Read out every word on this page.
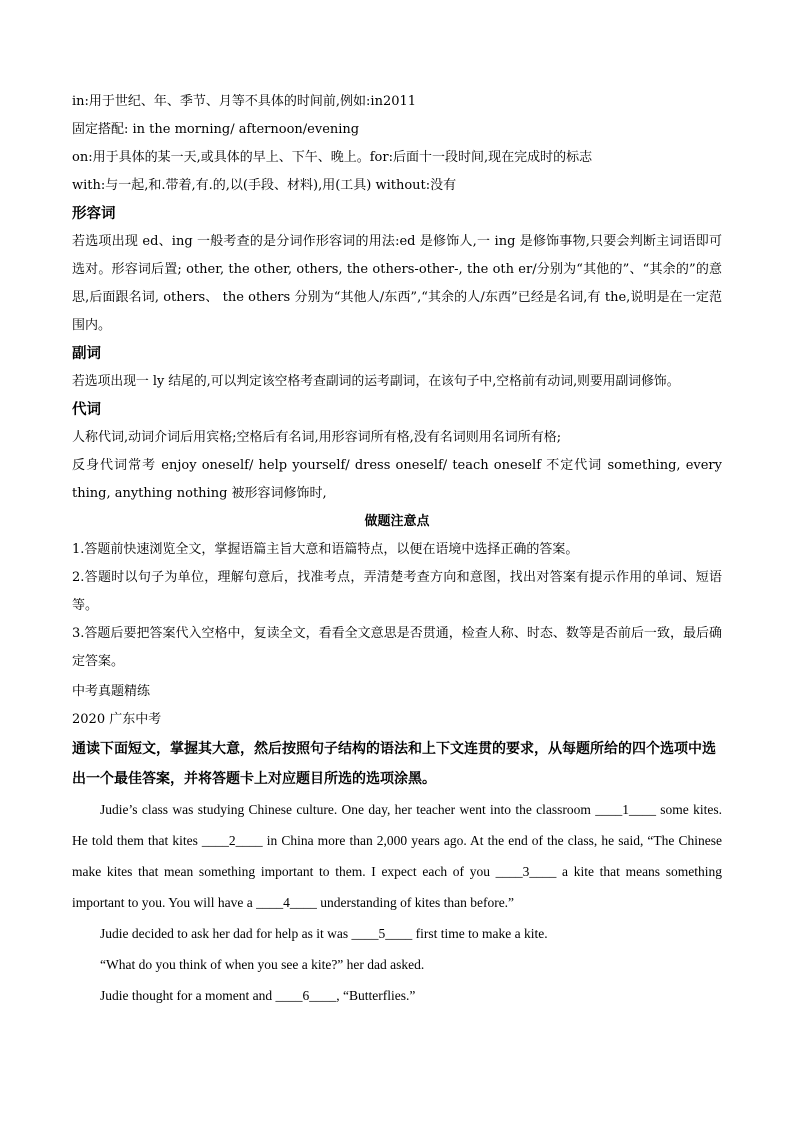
in:用于世纪、年、季节、月等不具体的时间前,例如:in2011

固定搭配: in the morning/ afternoon/evening

on:用于具体的某一天,或具体的早上、下午、晚上。for:后面十一段时间,现在完成时的标志

with:与一起,和.带着,有.的,以(手段、材料),用(工具) without:没有

形容词

若选项出现 ed、ing 一般考查的是分词作形容词的用法:ed 是修饰人,一 ing 是修饰事物,只要会判断主词语即可选对。形容词后置; other, the other, others, the others-other-, the oth er/分别为“其他的”、“其余的”的意思,后面跟名词, others、 the others 分别为“其他人/东西”,“其余的人/东西”已经是名词,有 the,说明是在一定范围内。

副词

若选项出现一 ly 结尾的,可以判定该空格考查副词的运考副词，在该句子中,空格前有动词,则要用副词修饰。

代词

人称代词,动词介词后用宾格;空格后有名词,用形容词所有格,没有名词则用名词所有格;

反身代词常考 enjoy oneself/ help yourself/ dress oneself/ teach oneself 不定代词 something, every thing, anything nothing 被形容词修饰时,

做题注意点

1.答题前快速浏览全文，掌握语篇主旨大意和语篇特点，以便在语境中选择正确的答案。

2.答题时以句子为单位，理解句意后，找准考点，弄清楚考查方向和意图，找出对答案有提示作用的单词、短语等。

3.答题后要把答案代入空格中，复读全文，看看全文意思是否贯通，检查人称、时态、数等是否前后一致，最后确定答案。

中考真题精练

2020 广东中考

通读下面短文，掌握其大意，然后按照句子结构的语法和上下文连贯的要求，从每题所给的四个选项中选出一个最佳答案，并将答题卡上对应题目所选的选项涂黑。

Judie’s class was studying Chinese culture. One day, her teacher went into the classroom ____1____ some kites. He told them that kites ____2____ in China more than 2,000 years ago. At the end of the class, he said, “The Chinese make kites that mean something important to them. I expect each of you ____3____ a kite that means something important to you. You will have a ____4____ understanding of kites than before.”

Judie decided to ask her dad for help as it was ____5____ first time to make a kite.

“What do you think of when you see a kite?” her dad asked.

Judie thought for a moment and ____6____, “Butterflies.”
